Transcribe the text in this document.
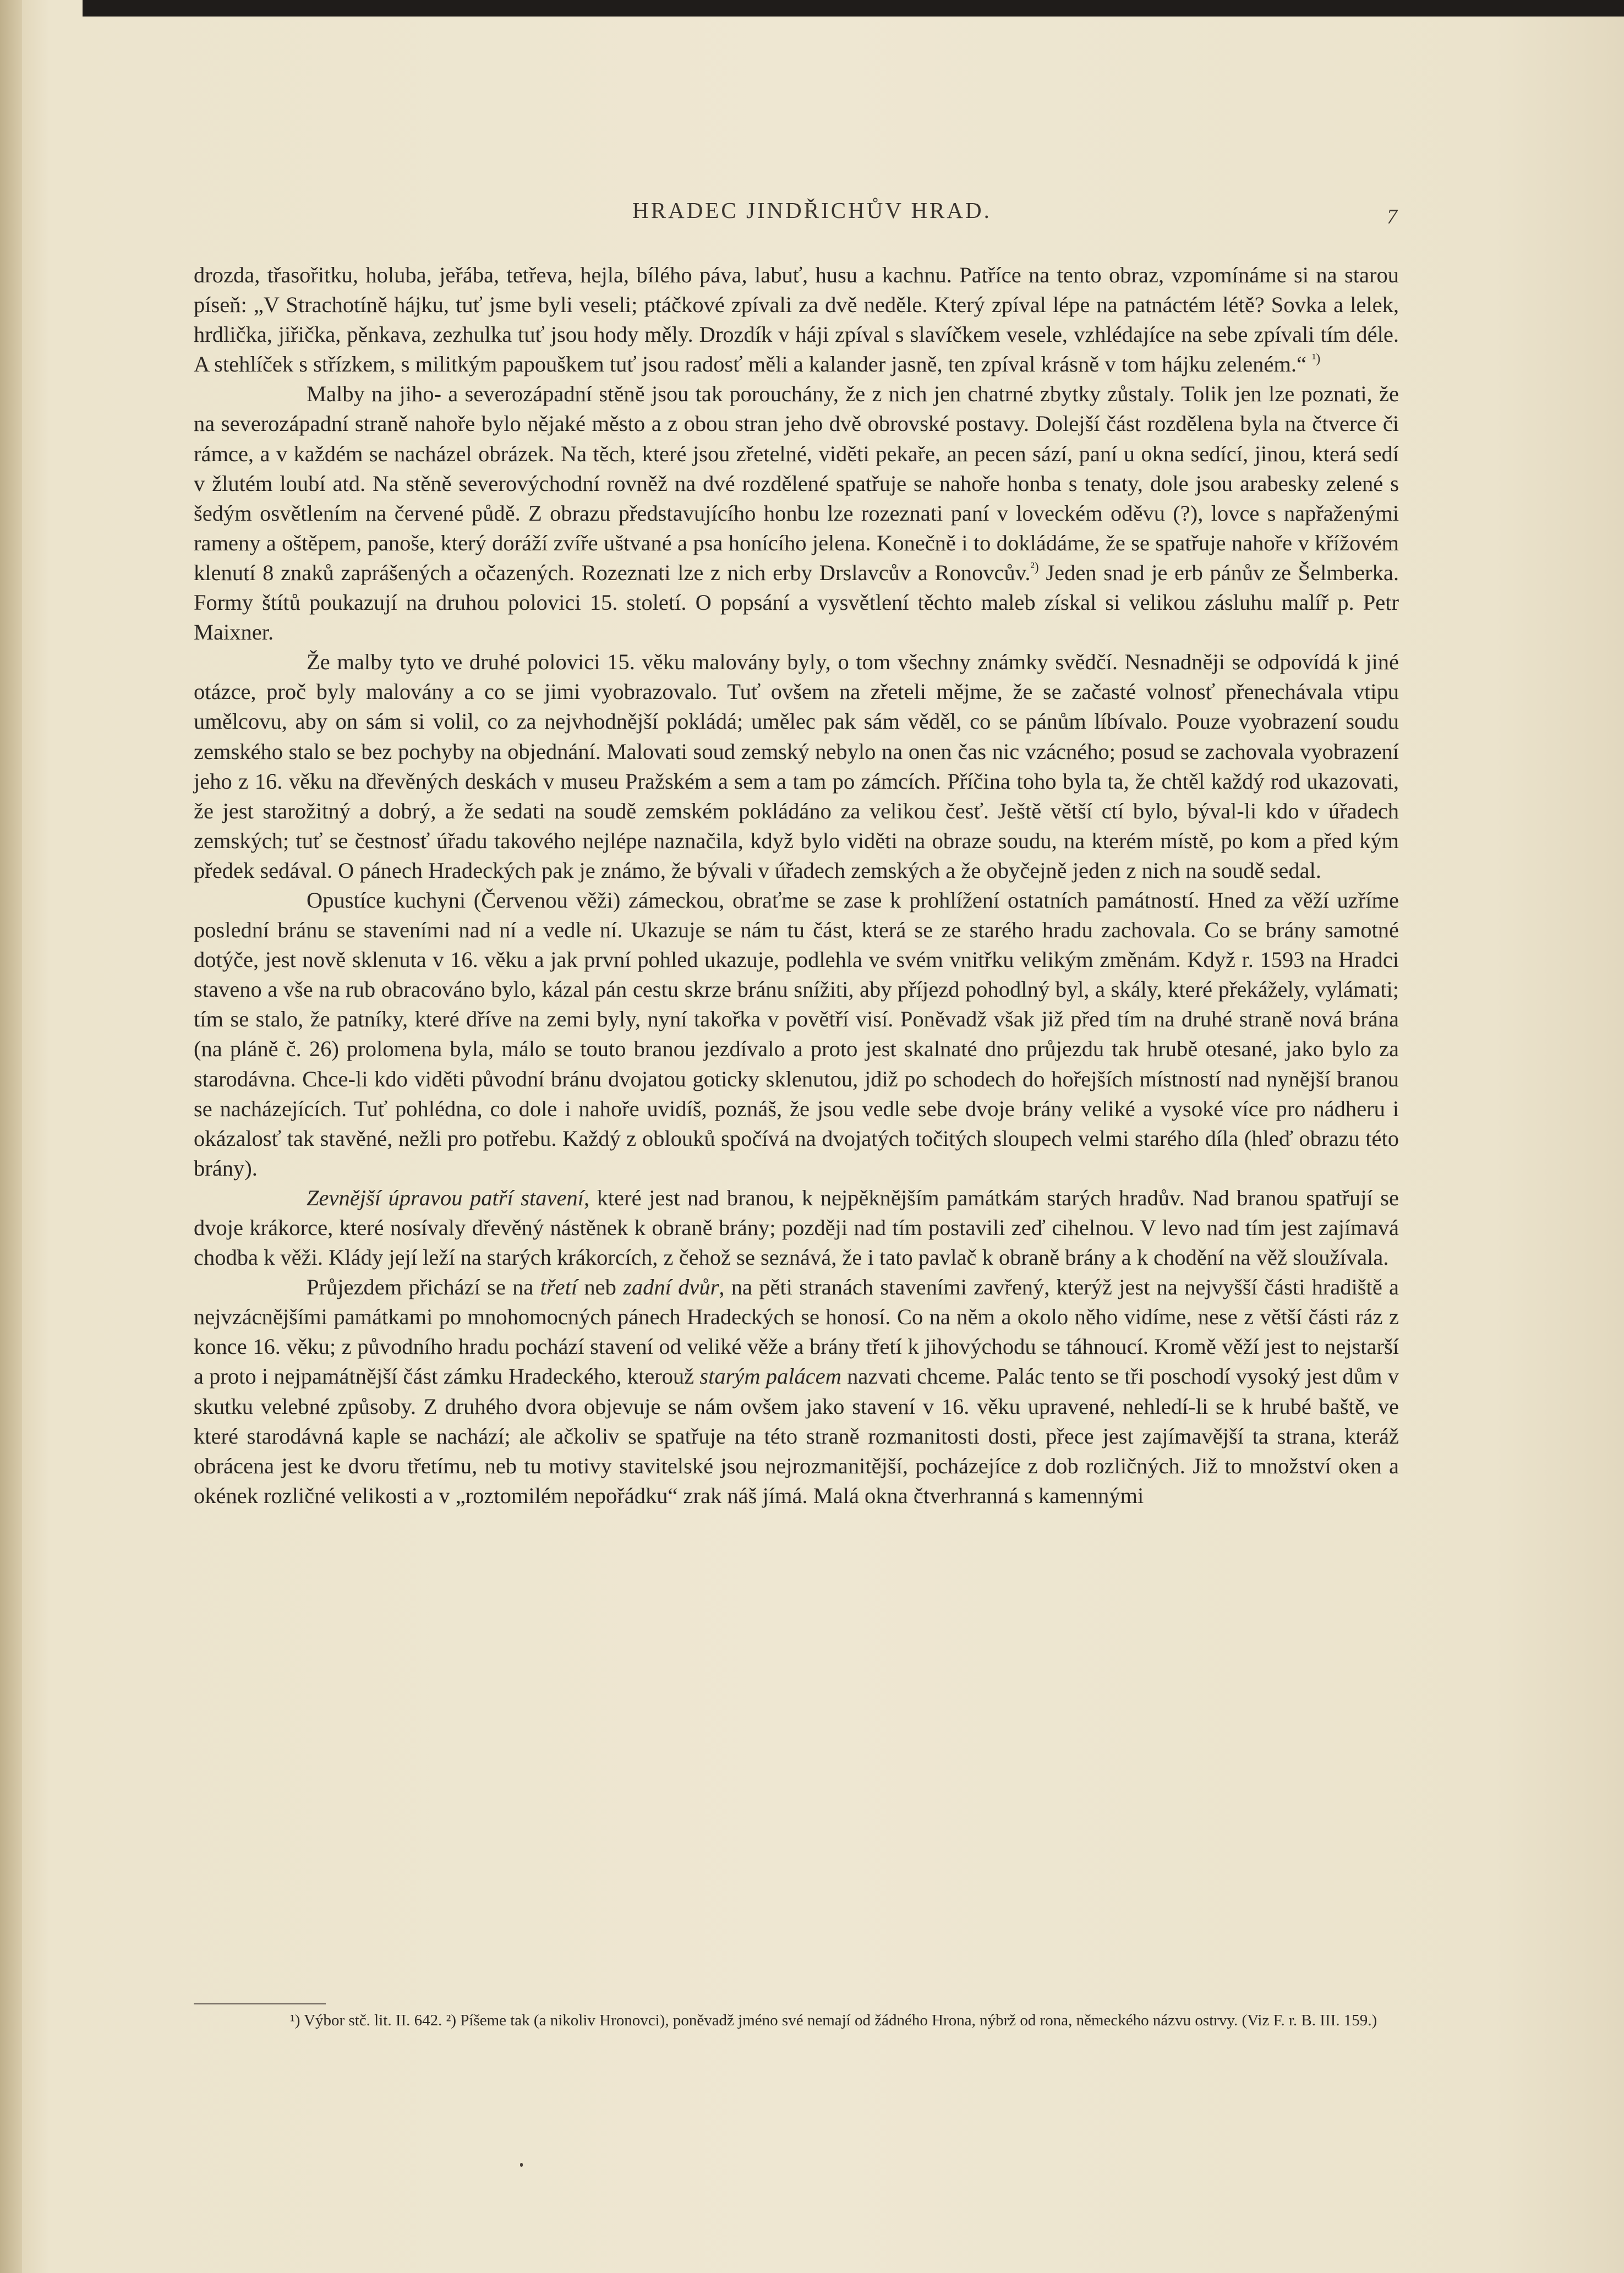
HRADEC JINDŘICHŮV HRAD.	7

drozda, třasořitku, holuba, jeřába, tetřeva, hejla, bílého páva, labuť, husu a kachnu. Patříce na tento obraz, vzpomínáme si na starou píseň: „V Strachotíně hájku, tuť jsme byli veseli; ptáčkové zpívali za dvě neděle. Který zpíval lépe na patnáctém létě? Sovka a lelek, hrdlička, jiřička, pěnkava, zezhulka tuť jsou hody měly. Drozdík v háji zpíval s slavíčkem vesele, vzhlédajíce na sebe zpívali tím déle. A stehlíček s střízkem, s militkým papouškem tuť jsou radosť měli a kalander jasně, ten zpíval krásně v tom hájku zeleném.“ $^{^1)}$

Malby na jiho- a severozápadní stěně jsou tak porouchány, že z nich jen chatrné zbytky zůstaly. Tolik jen lze poznati, že na severozápadní straně nahoře bylo nějaké město a z obou stran jeho dvě obrovské postavy. Dolejší část rozdělena byla na čtverce či rámce, a v každém se nacházel obrázek. Na těch, které jsou zřetelné, viděti pekaře, an pecen sází, paní u okna sedící, jinou, která sedí v žlutém loubí atd. Na stěně severovýchodní rovněž na dvé rozdělené spatřuje se nahoře honba s tenaty, dole jsou arabesky zelené s šedým osvětlením na červené půdě. Z obrazu představujícího honbu lze rozeznati paní v loveckém oděvu (?), lovce s napřaženými rameny a oštěpem, panoše, který doráží zvíře uštvané a psa honícího jelena. Konečně i to dokládáme, že se spatřuje nahoře v křížovém klenutí 8 znaků zaprášených a očazených. Rozeznati lze z nich erby Drslavcův a Ronovcův.$^{^2)}$ Jeden snad je erb pánův ze Šelmberka. Formy štítů poukazují na druhou polovici 15. století. O popsání a vysvětlení těchto maleb získal si velikou zásluhu malíř p. Petr Maixner.

Že malby tyto ve druhé polovici 15. věku malovány byly, o tom všechny známky svědčí. Nesnadněji se odpovídá k jiné otázce, proč byly malovány a co se jimi vyobrazovalo. Tuť ovšem na zřeteli mějme, že se začasté volnosť přenechávala vtipu umělcovu, aby on sám si volil, co za nejvhodnější pokládá; umělec pak sám věděl, co se pánům líbívalo. Pouze vyobrazení soudu zemského stalo se bez pochyby na objednání. Malovati soud zemský nebylo na onen čas nic vzácného; posud se zachovala vyobrazení jeho z 16. věku na dřevěných deskách v museu Pražském a sem a tam po zámcích. Příčina toho byla ta, že chtěl každý rod ukazovati, že jest starožitný a dobrý, a že sedati na soudě zemském pokládáno za velikou česť. Ještě větší ctí bylo, býval-li kdo v úřadech zemských; tuť se čestnosť úřadu takového nejlépe naznačila, když bylo viděti na obraze soudu, na kterém místě, po kom a před kým předek sedával. O pánech Hradeckých pak je známo, že bývali v úřadech zemských a že obyčejně jeden z nich na soudě sedal.

Opustíce kuchyni (Červenou věži) zámeckou, obraťme se zase k prohlížení ostatních památností. Hned za věží uzříme poslední bránu se staveními nad ní a vedle ní. Ukazuje se nám tu část, která se ze starého hradu zachovala. Co se brány samotné dotýče, jest nově sklenuta v 16. věku a jak první pohled ukazuje, podlehla ve svém vnitřku velikým změnám. Když r. 1593 na Hradci staveno a vše na rub obracováno bylo, kázal pán cestu skrze bránu snížiti, aby příjezd pohodlný byl, a skály, které překážely, vylámati; tím se stalo, že patníky, které dříve na zemi byly, nyní takořka v povětří visí. Poněvadž však již před tím na druhé straně nová brána (na pláně č. 26) prolomena byla, málo se touto branou jezdívalo a proto jest skalnaté dno průjezdu tak hrubě otesané, jako bylo za starodávna. Chce-li kdo viděti původní bránu dvojatou goticky sklenutou, jdiž po schodech do hořejších místností nad nynější branou se nacházejících. Tuť pohlédna, co dole i nahoře uvidíš, poznáš, že jsou vedle sebe dvoje brány veliké a vysoké více pro nádheru i okázalosť tak stavěné, nežli pro potřebu. Každý z oblouků spočívá na dvojatých točitých sloupech velmi starého díla (hleď obrazu této brány).

Zevnější úpravou patří stavení, které jest nad branou, k nejpěknějším památkám starých hradův. Nad branou spatřují se dvoje krákorce, které nosívaly dřevěný nástěnek k obraně brány; později nad tím postavili zeď cihelnou. V levo nad tím jest zajímavá chodba k věži. Klády její leží na starých krákorcích, z čehož se seznává, že i tato pavlač k obraně brány a k chodění na věž sloužívala.

Průjezdem přichází se na třetí neb zadní dvůr, na pěti stranách staveními zavřený, kterýž jest na nejvyšší části hradiště a nejvzácnějšími památkami po mnohomocných pánech Hradeckých se honosí. Co na něm a okolo něho vidíme, nese z větší části ráz z konce 16. věku; z původního hradu pochází stavení od veliké věže a brány třetí k jihovýchodu se táhnoucí. Kromě věží jest to nejstarší a proto i nejpamátnější část zámku Hradeckého, kterouž starým palácem nazvati chceme. Palác tento se tři poschodí vysoký jest dům v skutku velebné způsoby. Z druhého dvora objevuje se nám ovšem jako stavení v 16. věku upravené, nehledí-li se k hrubé baště, ve které starodávná kaple se nachází; ale ačkoliv se spatřuje na této straně rozmanitosti dosti, přece jest zajímavější ta strana, kteráž obrácena jest ke dvoru třetímu, neb tu motivy stavitelské jsou nejrozmanitější, pocházejíce z dob rozličných. Již to množství oken a okének rozličné velikosti a v „roztomilém nepořádku“ zrak náš jímá. Malá okna čtverhranná s kamennými

¹) Výbor stč. lit. II. 642. ²) Píšeme tak (a nikoliv Hronovci), poněvadž jméno své nemají od žádného Hrona, nýbrž od rona, německého názvu ostrvy. (Viz F. r. B. III. 159.)
